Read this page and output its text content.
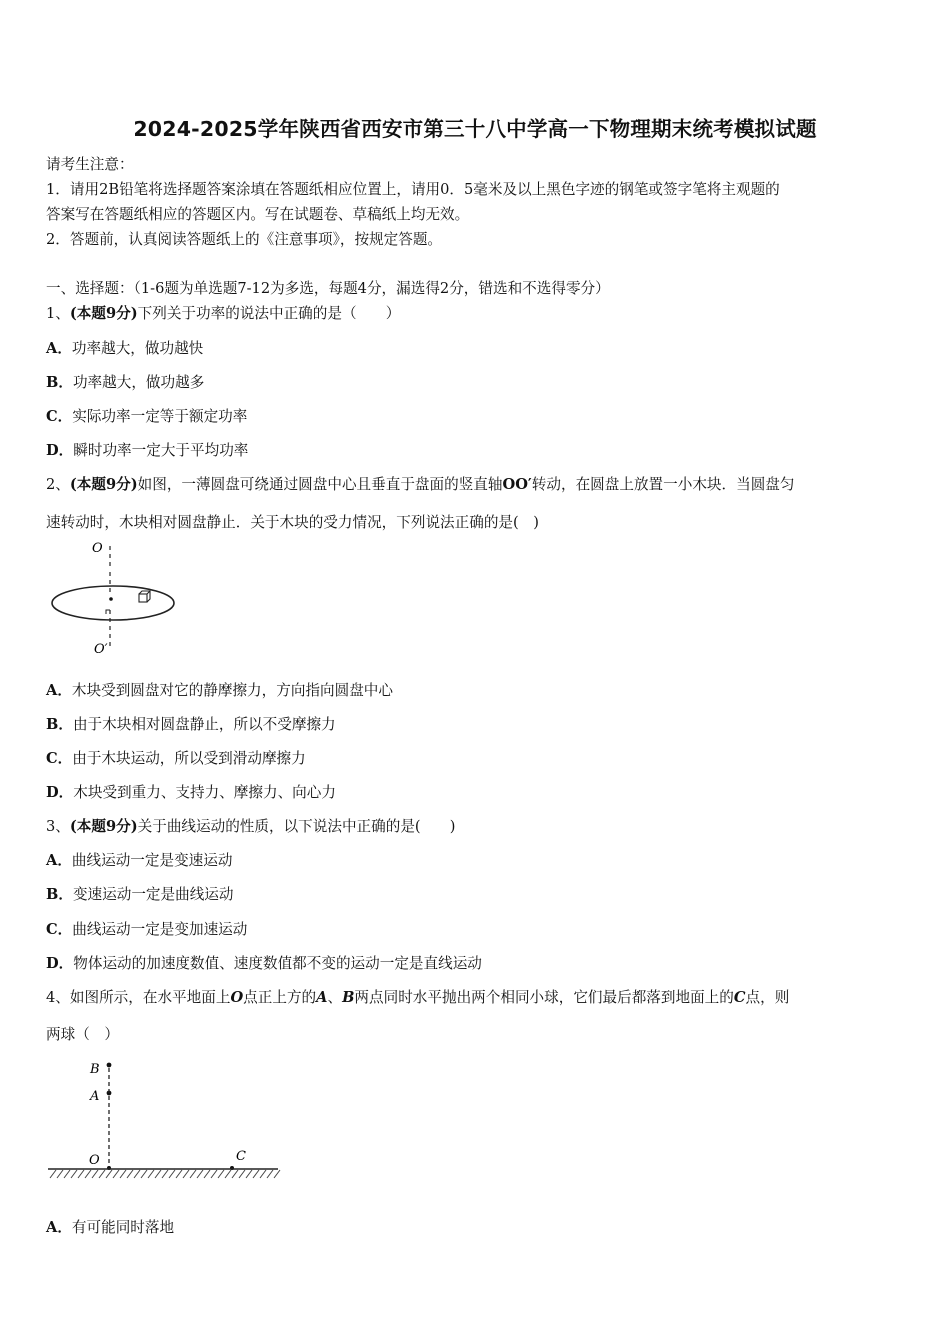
2024-2025学年陕西省西安市第三十八中学高一下物理期末统考模拟试题
请考生注意：
1．请用2B铅笔将选择题答案涂填在答题纸相应位置上，请用0．5毫米及以上黑色字迹的钢笔或签字笔将主观题的
答案写在答题纸相应的答题区内。写在试题卷、草稿纸上均无效。
2．答题前，认真阅读答题纸上的《注意事项》，按规定答题。
一、选择题：（1-6题为单选题7-12为多选，每题4分，漏选得2分，错选和不选得零分）
1、(本题9分)下列关于功率的说法中正确的是（　　）
A．功率越大，做功越快
B．功率越大，做功越多
C．实际功率一定等于额定功率
D．瞬时功率一定大于平均功率
2、(本题9分)如图，一薄圆盘可绕通过圆盘中心且垂直于盘面的竖直轴OO′转动，在圆盘上放置一小木块．当圆盘匀
速转动时，木块相对圆盘静止．关于木块的受力情况，下列说法正确的是(　)
O
O′
A．木块受到圆盘对它的静摩擦力，方向指向圆盘中心
B．由于木块相对圆盘静止，所以不受摩擦力
C．由于木块运动，所以受到滑动摩擦力
D．木块受到重力、支持力、摩擦力、向心力
3、(本题9分)关于曲线运动的性质，以下说法中正确的是(　　)
A．曲线运动一定是变速运动
B．变速运动一定是曲线运动
C．曲线运动一定是变加速运动
D．物体运动的加速度数值、速度数值都不变的运动一定是直线运动
4、如图所示，在水平地面上O点正上方的A、B两点同时水平抛出两个相同小球，它们最后都落到地面上的C点，则
两球（　）
B
A
O	C
A．有可能同时落地
